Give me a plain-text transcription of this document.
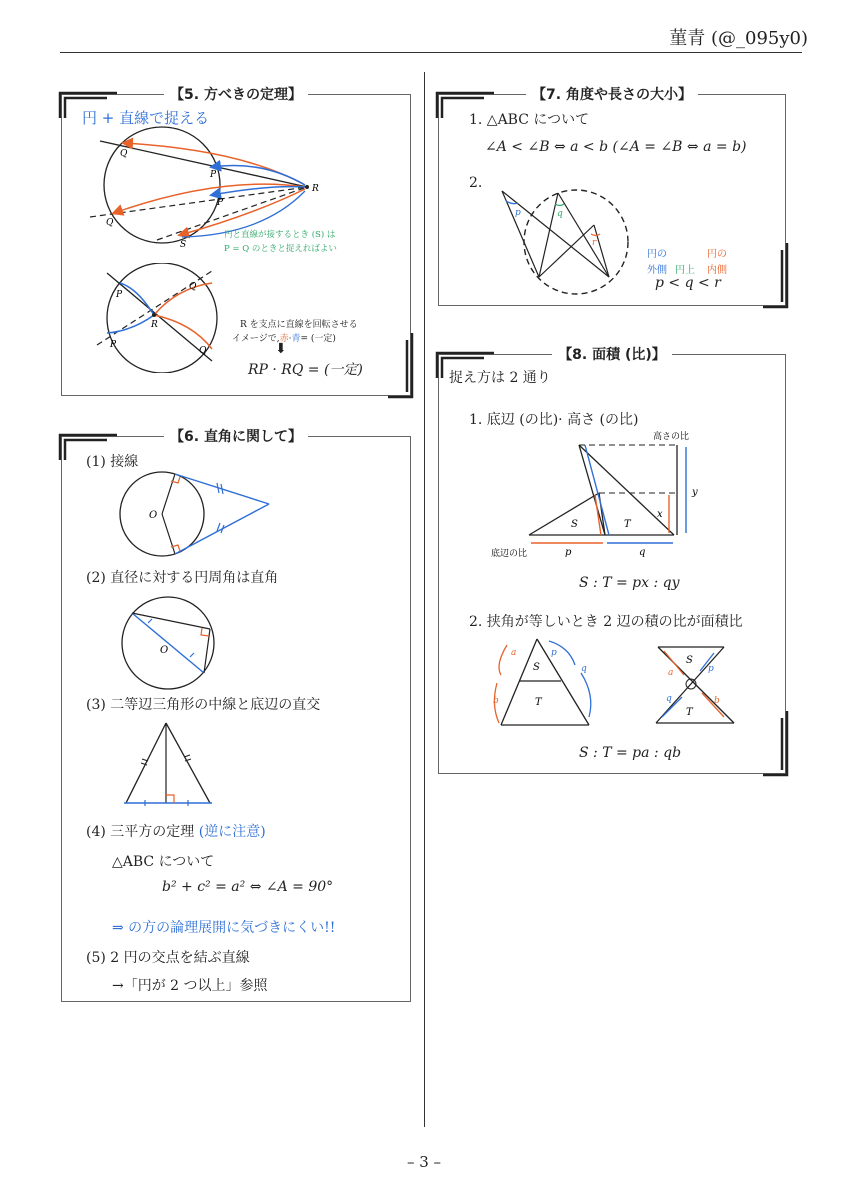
菫青 (@_095y0)
– 3 –
【5. 方べきの定理】
円 + 直線で捉える
Q
P
R
P
Q
S
円と直線が接するとき (S) は
P = Q のときと捉えればよい
P
Q
R
P
Q
R を支点に直線を回転させる
イメージで,赤·青= (一定)
⬇
RP · RQ = (一定)
【6. 直角に関して】
(1) 接線
O
(2) 直径に対する円周角は直角
O
(3) 二等辺三角形の中線と底辺の直交
(4) 三平方の定理 (逆に注意)
△ABC について
b² + c² = a² ⇔ ∠A = 90°
⇒ の方の論理展開に気づきにくい!!
(5) 2 円の交点を結ぶ直線
→「円が 2 つ以上」参照
【7. 角度や長さの大小】
1. △ABC について
∠A < ∠B ⇔ a < b (∠A = ∠B ⇔ a = b)
2.
p	q
r
円の
外側 円上
円の
内側
p < q < r
【8. 面積 (比)】
捉え方は 2 通り
1. 底辺 (の比)· 高さ (の比)
高さの比
底辺の比
S	T
p	q
x
y
S : T = px : qy
2. 挟角が等しいとき 2 辺の積の比が面積比
S
T
a
b
p
q
S
T
a
b
p
q
S : T = pa : qb
